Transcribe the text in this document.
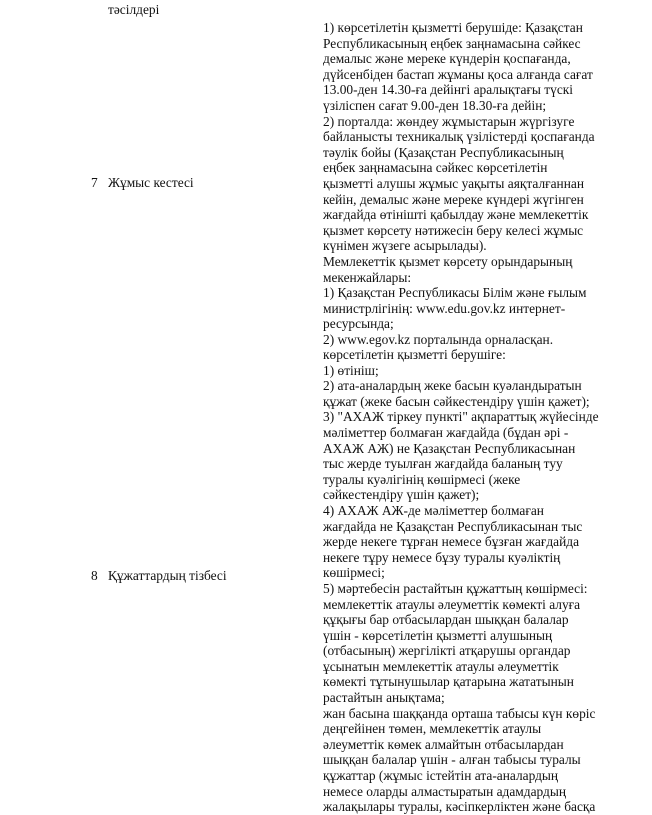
тəсілдері
7 Жұмыс кестесі
1) көрсетілетін қызметті берушіде: Қазақстан
Республикасының еңбек заңнамасына сəйкес
демалыс жəне мереке күндерін қоспағанда,
дүйсенбіден бастап жұманы қоса алғанда сағат
13.00-ден 14.30-ға дейінгі аралықтағы түскі
үзіліспен сағат 9.00-ден 18.30-ға дейін;
2) порталда: жөндеу жұмыстарын жүргізуге
байланысты техникалық үзілістерді қоспағанда
тəулік бойы (Қазақстан Республикасының
еңбек заңнамасына сəйкес көрсетілетін
қызметті алушы жұмыс уақыты аяқталғаннан
кейін, демалыс жəне мереке күндері жүгінген
жағдайда өтінішті қабылдау жəне мемлекеттік
қызмет көрсету нəтижесін беру келесі жұмыс
күнімен жүзеге асырылады).
Мемлекеттік қызмет көрсету орындарының
мекенжайлары:
1) Қазақстан Республикасы Білім жəне ғылым
министрлігінің: www.edu.gov.kz интернет-
ресурсында;
2) www.egov.kz порталында орналасқан.
8 Құжаттардың тізбесі
көрсетілетін қызметті берушіге:
1) өтініш;
2) ата-аналардың жеке басын куəландыратын
құжат (жеке басын сəйкестендіру үшін қажет);
3) "АХАЖ тіркеу пункті" ақпараттық жүйесінде
мəліметтер болмаған жағдайда (бұдан əрі -
АХАЖ АЖ) не Қазақстан Республикасынан
тыс жерде туылған жағдайда баланың туу
туралы куəлігінің көшірмесі (жеке
сəйкестендіру үшін қажет);
4) АХАЖ АЖ-де мəліметтер болмаған
жағдайда не Қазақстан Республикасынан тыс
жерде некеге тұрған немесе бұзған жағдайда
некеге тұру немесе бұзу туралы куəліктің
көшірмесі;
5) мəртебесін растайтын құжаттың көшірмесі:
мемлекеттік атаулы əлеуметтік көмекті алуға
құқығы бар отбасылардан шыққан балалар
үшін - көрсетілетін қызметті алушының
(отбасының) жергілікті атқарушы органдар
ұсынатын мемлекеттік атаулы əлеуметтік
көмекті тұтынушылар қатарына жататынын
растайтын анықтама;
жан басына шаққанда орташа табысы күн көріс
деңгейінен төмен, мемлекеттік атаулы
əлеуметтік көмек алмайтын отбасылардан
шыққан балалар үшін - алған табысы туралы
құжаттар (жұмыс істейтін ата-аналардың
немесе оларды алмастыратын адамдардың
жалақылары туралы, кəсіпкерліктен жəне басқа
